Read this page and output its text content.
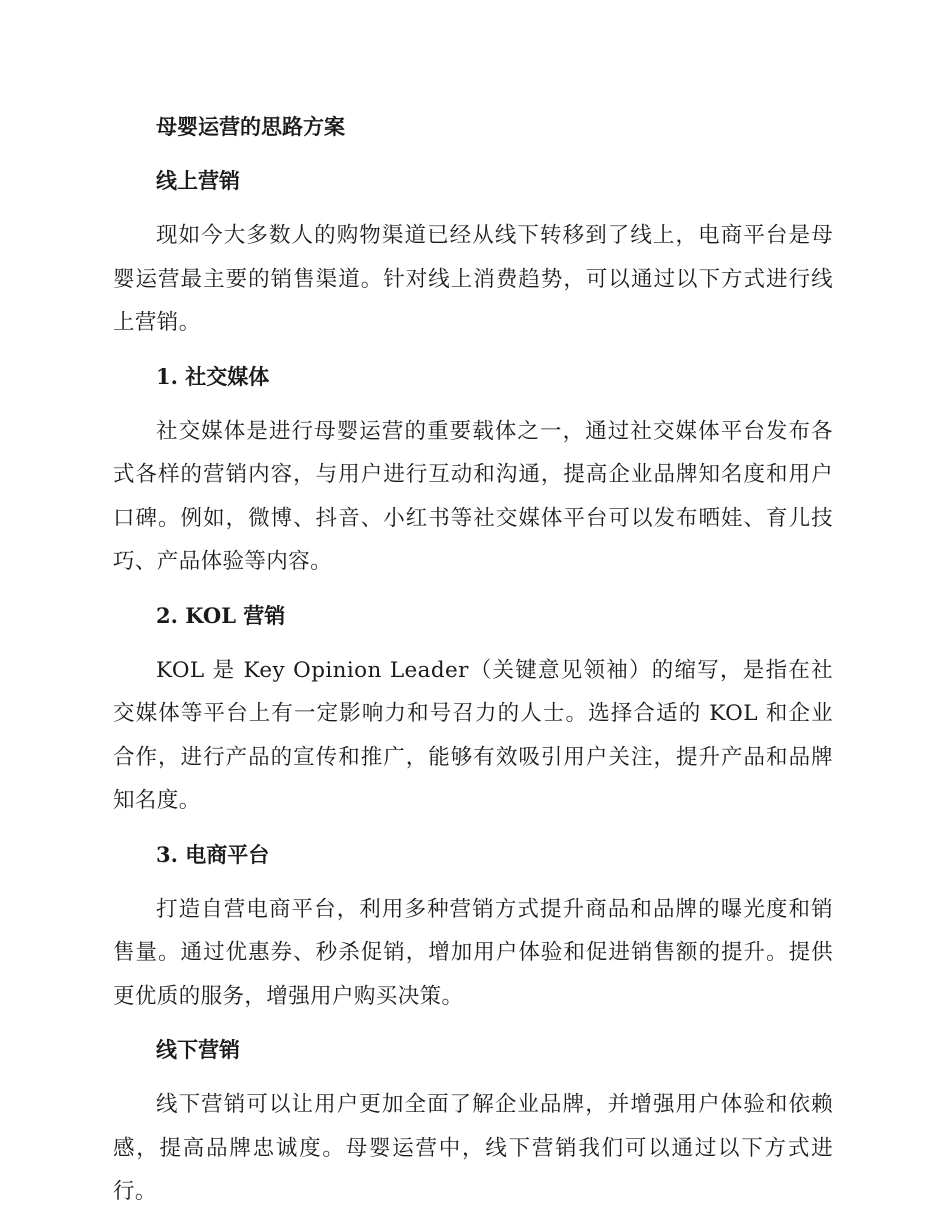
母婴运营的思路方案
线上营销

现如今大多数人的购物渠道已经从线下转移到了线上，电商平台是母婴运营最主要的销售渠道。针对线上消费趋势，可以通过以下方式进行线上营销。

1. 社交媒体

社交媒体是进行母婴运营的重要载体之一，通过社交媒体平台发布各式各样的营销内容，与用户进行互动和沟通，提高企业品牌知名度和用户口碑。例如，微博、抖音、小红书等社交媒体平台可以发布晒娃、育儿技巧、产品体验等内容。

2. KOL 营销

KOL 是 Key Opinion Leader（关键意见领袖）的缩写，是指在社交媒体等平台上有一定影响力和号召力的人士。选择合适的 KOL 和企业合作，进行产品的宣传和推广，能够有效吸引用户关注，提升产品和品牌知名度。

3. 电商平台

打造自营电商平台，利用多种营销方式提升商品和品牌的曝光度和销售量。通过优惠券、秒杀促销，增加用户体验和促进销售额的提升。提供更优质的服务，增强用户购买决策。

线下营销

线下营销可以让用户更加全面了解企业品牌，并增强用户体验和依赖感，提高品牌忠诚度。母婴运营中，线下营销我们可以通过以下方式进行。
